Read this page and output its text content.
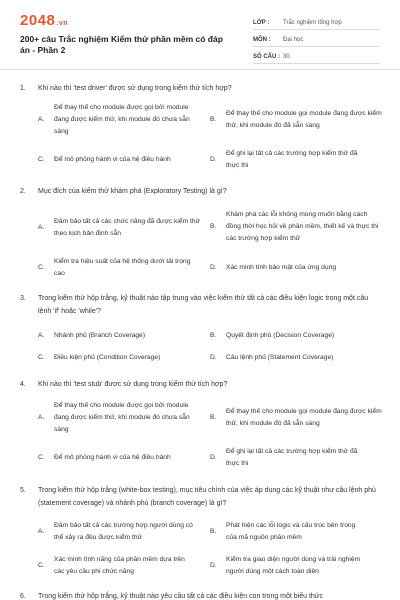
2048.vn
200+ câu Trắc nghiệm Kiểm thử phần mềm có đáp án - Phần 2
LỚP :	Trắc nghiệm tổng hợp
MÔN :	Đại học
SỐ CÂU : 30
1. Khi nào thì 'test driver' được sử dụng trong kiểm thử tích hợp?
A.
Để thay thế cho module được gọi bởi module đang được kiểm thử, khi module đó chưa sẵn sàng
B.
Để thay thế cho module gọi module đang được kiểm thử, khi module đó đã sẵn sàng
C.	Để mô phỏng hành vi của hệ điều hành	D.
Để ghi lại tất cả các trường hợp kiểm thử đã thực thi
2. Mục đích của kiểm thử khám phá (Exploratory Testing) là gì?
A.
Đảm bảo tất cả các chức năng đã được kiểm thử theo kịch bản định sẵn
B.
Khám phá các lỗi không mong muốn bằng cách đồng thời học hỏi về phần mềm, thiết kế và thực thi các trường hợp kiểm thử
C.
Kiểm tra hiệu suất của hệ thống dưới tải trọng cao
D.	Xác minh tính bảo mật của ứng dụng
3. Trong kiểm thử hộp trắng, kỹ thuật nào tập trung vào việc kiểm thử tất cả các điều kiện logic trong một câu lệnh 'if' hoặc 'while'?
A.	Nhánh phủ (Branch Coverage)	B.	Quyết định phủ (Decision Coverage)
C.	Điều kiện phủ (Condition Coverage)	D.	Câu lệnh phủ (Statement Coverage)
4. Khi nào thì 'test stub' được sử dụng trong kiểm thử tích hợp?
A.
Để thay thế cho module được gọi bởi module đang được kiểm thử, khi module đó chưa sẵn sàng
B.
Để thay thế cho module gọi module đang được kiểm thử, khi module đó đã sẵn sàng
C.	Để mô phỏng hành vi của hệ điều hành	D.
Để ghi lại tất cả các trường hợp kiểm thử đã thực thi
5. Trong kiểm thử hộp trắng (white-box testing), mục tiêu chính của việc áp dụng các kỹ thuật như câu lệnh phủ (statement coverage) và nhánh phủ (branch coverage) là gì?
A.
Đảm bảo tất cả các trường hợp người dùng có thể xảy ra đều được kiểm thử
B.
Phát hiện các lỗi logic và cấu trúc bên trong của mã nguồn phần mềm
C.
Xác minh tính năng của phần mềm dựa trên các yêu cầu phi chức năng
D.
Kiểm tra giao diện người dùng và trải nghiệm người dùng một cách toàn diện
6. Trong kiểm thử hộp trắng, kỹ thuật nào yêu cầu tất cả các điều kiện con trong một biểu thức
